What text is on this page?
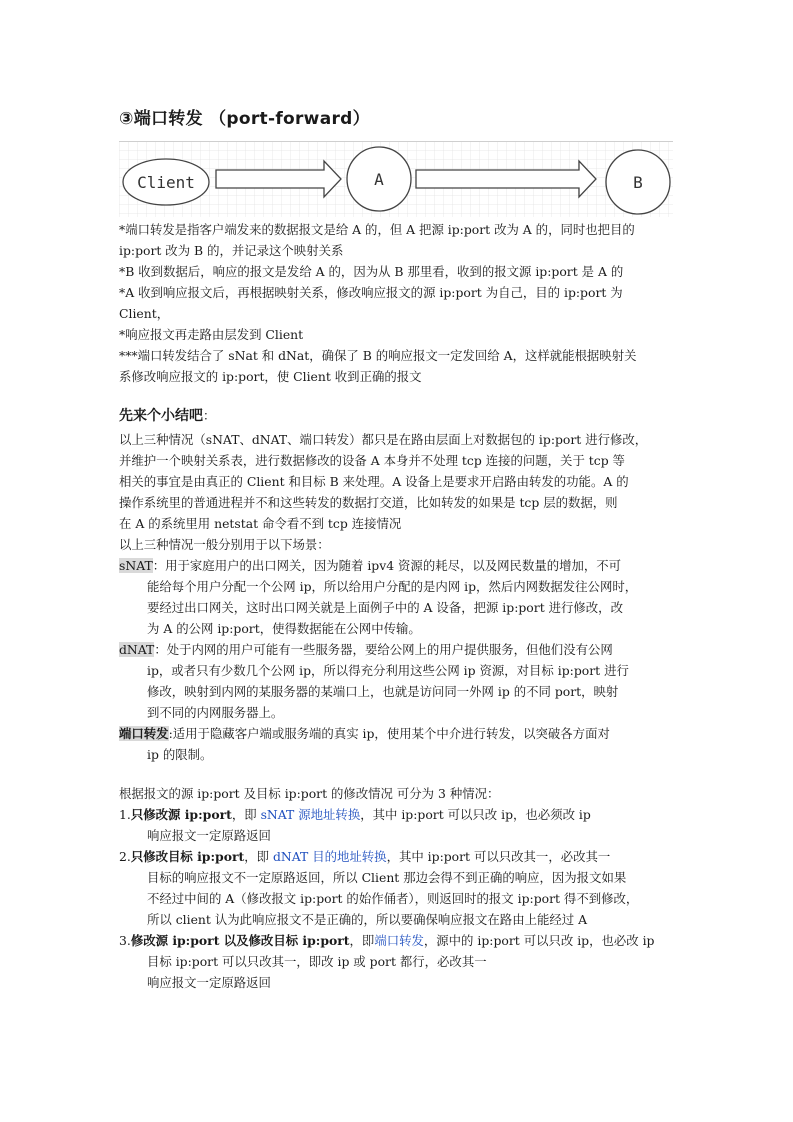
③端口转发 （port-forward）
Client	A	B
*端口转发是指客户端发来的数据报文是给 A 的，但 A 把源 ip:port 改为 A 的，同时也把目的
ip:port 改为 B 的，并记录这个映射关系
*B 收到数据后，响应的报文是发给 A 的，因为从 B 那里看，收到的报文源 ip:port 是 A 的
*A 收到响应报文后，再根据映射关系，修改响应报文的源 ip:port 为自己，目的 ip:port 为
Client，
*响应报文再走路由层发到 Client
***端口转发结合了 sNat 和 dNat，确保了 B 的响应报文一定发回给 A，这样就能根据映射关
系修改响应报文的 ip:port，使 Client 收到正确的报文
先来个小结吧：
以上三种情况（sNAT、dNAT、端口转发）都只是在路由层面上对数据包的 ip:port 进行修改，
并维护一个映射关系表，进行数据修改的设备 A 本身并不处理 tcp 连接的问题，关于 tcp 等
相关的事宜是由真正的 Client 和目标 B 来处理。A 设备上是要求开启路由转发的功能。A 的
操作系统里的普通进程并不和这些转发的数据打交道，比如转发的如果是 tcp 层的数据，则
在 A 的系统里用 netstat 命令看不到 tcp 连接情况
以上三种情况一般分别用于以下场景：
sNAT：用于家庭用户的出口网关，因为随着 ipv4 资源的耗尽，以及网民数量的增加，不可
能给每个用户分配一个公网 ip，所以给用户分配的是内网 ip，然后内网数据发往公网时，
要经过出口网关，这时出口网关就是上面例子中的 A 设备，把源 ip:port 进行修改，改
为 A 的公网 ip:port，使得数据能在公网中传输。
dNAT：处于内网的用户可能有一些服务器，要给公网上的用户提供服务，但他们没有公网
ip，或者只有少数几个公网 ip，所以得充分利用这些公网 ip 资源，对目标 ip:port 进行
修改，映射到内网的某服务器的某端口上，也就是访问同一外网 ip 的不同 port，映射
到不同的内网服务器上。
端口转发:适用于隐藏客户端或服务端的真实 ip，使用某个中介进行转发，以突破各方面对
ip 的限制。
根据报文的源 ip:port 及目标 ip:port 的修改情况 可分为 3 种情况：
1.只修改源 ip:port，即 sNAT 源地址转换，其中 ip:port 可以只改 ip，也必须改 ip
响应报文一定原路返回
2.只修改目标 ip:port，即 dNAT 目的地址转换，其中 ip:port 可以只改其一，必改其一
目标的响应报文不一定原路返回，所以 Client 那边会得不到正确的响应，因为报文如果
不经过中间的 A（修改报文 ip:port 的始作俑者），则返回时的报文 ip:port 得不到修改，
所以 client 认为此响应报文不是正确的，所以要确保响应报文在路由上能经过 A
3.修改源 ip:port 以及修改目标 ip:port，即端口转发，源中的 ip:port 可以只改 ip，也必改 ip
目标 ip:port 可以只改其一，即改 ip 或 port 都行，必改其一
响应报文一定原路返回
